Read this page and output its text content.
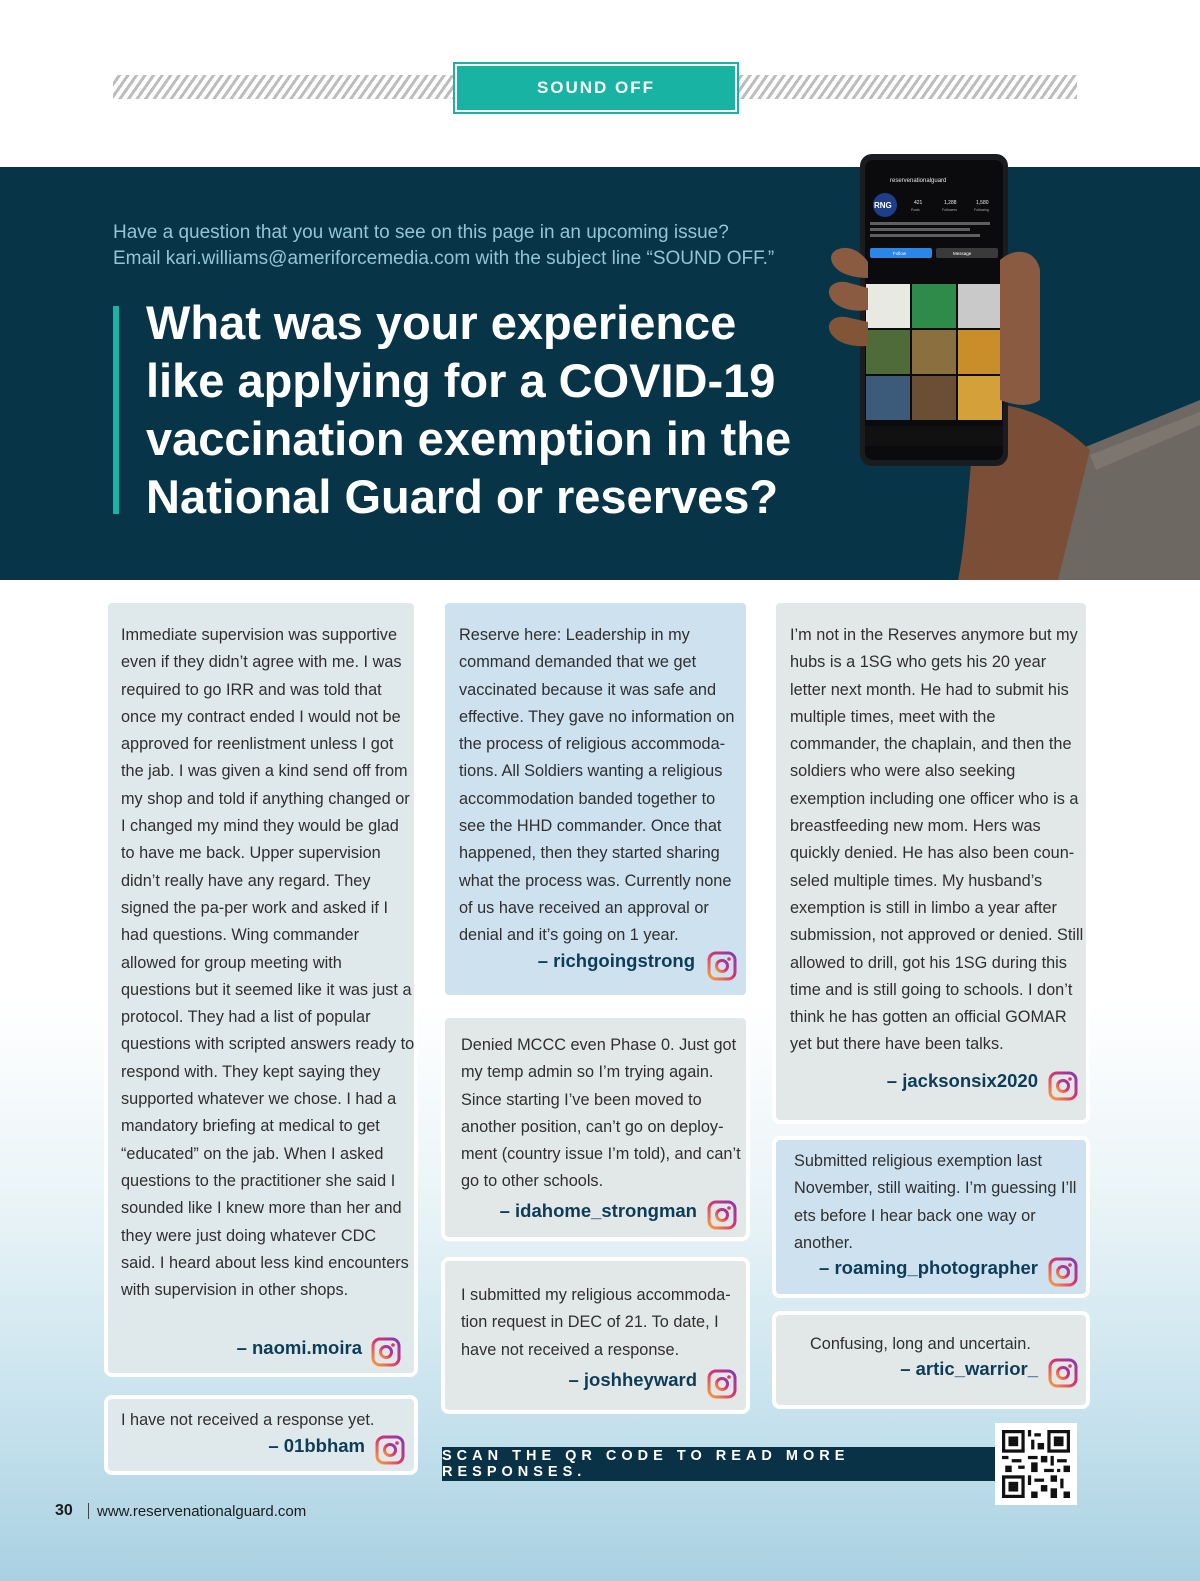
SOUND OFF
Have a question that you want to see on this page in an upcoming issue?
Email kari.williams@ameriforcemedia.com with the subject line “SOUND OFF.”
What was your experience like applying for a COVID-19 vaccination exemption in the National Guard or reserves?
reservenationalguard
RNG	421	1,288	1,580
Posts	Followers	Following
Follow	Message
Immediate supervision was supportive even if they didn’t agree with me. I was required to go IRR and was told that once my contract ended I would not be approved for reenlistment unless I got the jab. I was given a kind send off from my shop and told if anything changed or I changed my mind they would be glad to have me back. Upper supervision didn’t really have any regard. They signed the pa-per work and asked if I had questions. Wing commander allowed for group meeting with questions but it seemed like it was just a protocol. They had a list of popular questions with scripted answers ready to respond with. They kept saying they supported whatever we chose. I had a mandatory briefing at medical to get “educated” on the jab. When I asked questions to the practitioner she said I sounded like I knew more than her and they were just doing whatever CDC said. I heard about less kind encounters with supervision in other shops.
– naomi.moira
I have not received a response yet.
– 01bbham
Reserve here: Leadership in my command demanded that we get vaccinated because it was safe and effective. They gave no information on the process of religious accommoda-tions. All Soldiers wanting a religious accommodation banded together to see the HHD commander. Once that happened, then they started sharing what the process was. Currently none of us have received an approval or denial and it’s going on 1 year.
– richgoingstrong
Denied MCCC even Phase 0. Just got my temp admin so I’m trying again. Since starting I’ve been moved to another position, can’t go on deploy-ment (country issue I’m told), and can’t go to other schools.
– idahome_strongman
I submitted my religious accommoda-tion request in DEC of 21. To date, I have not received a response.
– joshheyward
I’m not in the Reserves anymore but my hubs is a 1SG who gets his 20 year letter next month. He had to submit his multiple times, meet with the commander, the chaplain, and then the soldiers who were also seeking exemption including one officer who is a breastfeeding new mom. Hers was quickly denied. He has also been coun-seled multiple times. My husband’s exemption is still in limbo a year after submission, not approved or denied. Still allowed to drill, got his 1SG during this time and is still going to schools. I don’t think he has gotten an official GOMAR yet but there have been talks.
– jacksonsix2020
Submitted religious exemption last November, still waiting. I’m guessing I’ll ets before I hear back one way or another.
– roaming_photographer
Confusing, long and uncertain.
– artic_warrior_
SCAN THE QR CODE TO READ MORE RESPONSES.
30 www.reservenationalguard.com
